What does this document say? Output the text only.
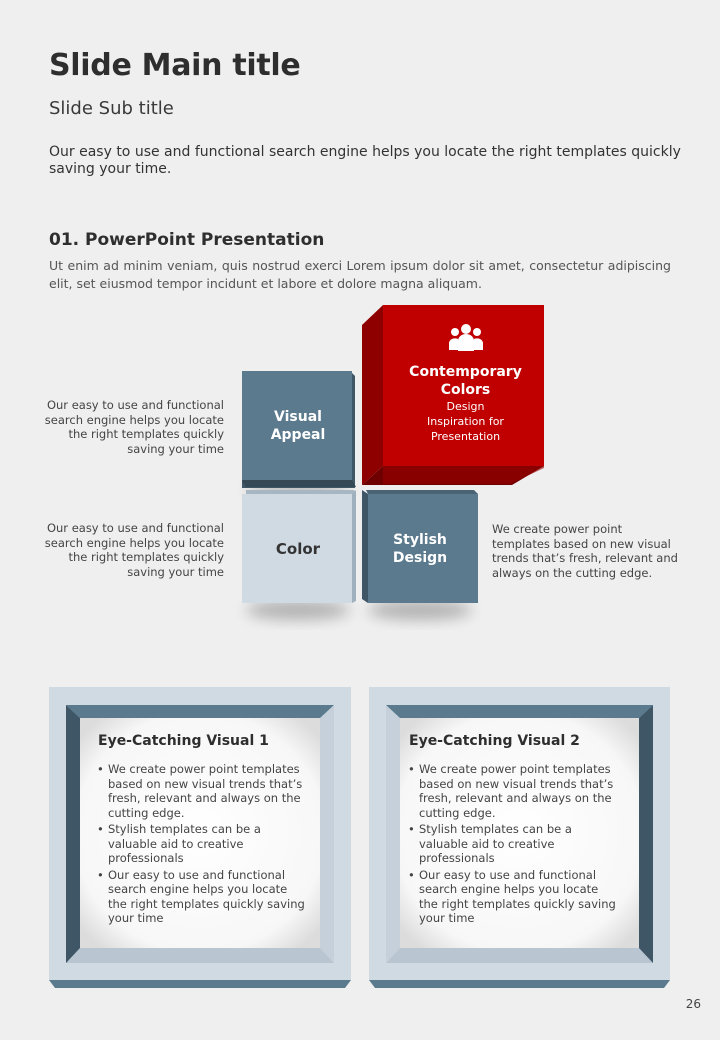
Slide Main title
Slide Sub title
Our easy to use and functional search engine helps you locate the right templates quickly saving your time.
01. PowerPoint Presentation
Ut enim ad minim veniam, quis nostrud exerci Lorem ipsum dolor sit amet, consectetur adipiscing elit, set eiusmod tempor incidunt et labore et dolore magna aliquam.
Visual
Appeal
Contemporary
Colors
Design
Inspiration for
Presentation
Color	Stylish
Design
Our easy to use and functional
search engine helps you locate
the right templates quickly
saving your time
Our easy to use and functional
search engine helps you locate
the right templates quickly
saving your time
We create power point
templates based on new visual
trends that’s fresh, relevant and
always on the cutting edge.
Eye-Catching Visual 1
• We create power point templates based on new visual trends that’s fresh, relevant and always on the cutting edge.
• Stylish templates can be a valuable aid to creative professionals
• Our easy to use and functional search engine helps you locate the right templates quickly saving your time
Eye-Catching Visual 2
• We create power point templates based on new visual trends that’s fresh, relevant and always on the cutting edge.
• Stylish templates can be a valuable aid to creative professionals
• Our easy to use and functional search engine helps you locate the right templates quickly saving your time
26
